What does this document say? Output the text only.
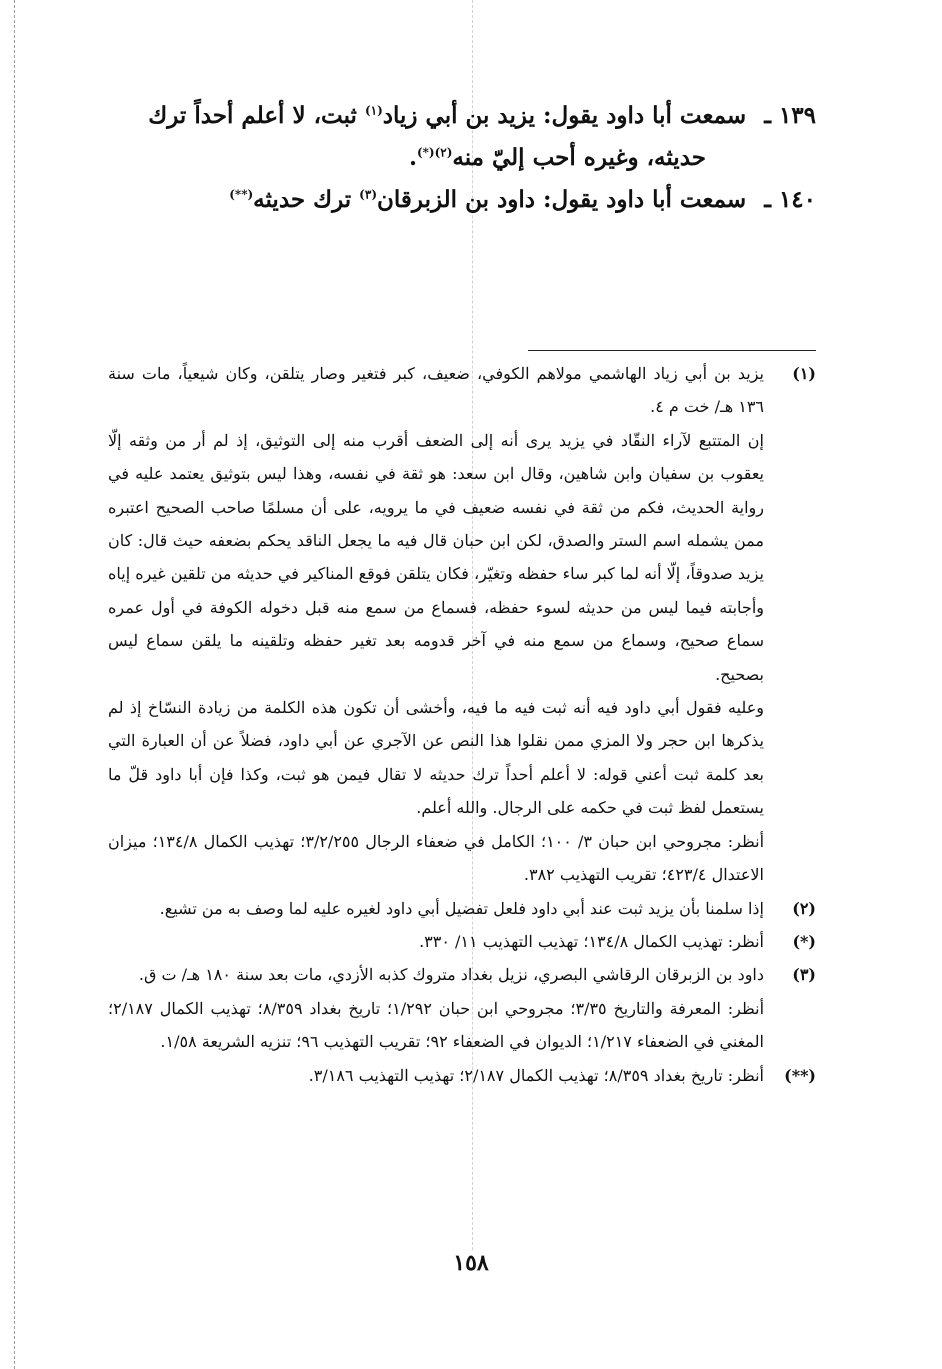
١٣٩ ـ سمعت أبا داود يقول: يزيد بن أبي زياد$^{(١)}$ ثبت، لا أعلم أحداً ترك
حديثه، وغيره أحب إليّ منه$^{(٢)(*)}$.
١٤٠ ـ سمعت أبا داود يقول: داود بن الزبرقان$^{(٣)}$ ترك حديثه(**)
(١)

يزيد بن أبي زياد الهاشمي مولاهم الكوفي، ضعيف، كبر فتغير وصار يتلقن، وكان شيعياً، مات سنة ١٣٦ هـ/ خت م ٤.

إن المتتبع لآراء النقّاد في يزيد يرى أنه إلى الضعف أقرب منه إلى التوثيق، إذ لم أر من وثقه إلّا يعقوب بن سفيان وابن شاهين، وقال ابن سعد: هو ثقة في نفسه، وهذا ليس بتوثيق يعتمد عليه في رواية الحديث، فكم من ثقة في نفسه ضعيف في ما يرويه، على أن مسلمًا صاحب الصحيح اعتبره ممن يشمله اسم الستر والصدق، لكن ابن حبان قال فيه ما يجعل الناقد يحكم بضعفه حيث قال: كان يزيد صدوقاً، إلّا أنه لما كبر ساء حفظه وتغيّر، فكان يتلقن فوقع المناكير في حديثه من تلقين غيره إياه وأجابته فيما ليس من حديثه لسوء حفظه، فسماع من سمع منه قبل دخوله الكوفة في أول عمره سماع صحيح، وسماع من سمع منه في آخر قدومه بعد تغير حفظه وتلقينه ما يلقن سماع ليس بصحيح.

وعليه فقول أبي داود فيه أنه ثبت فيه ما فيه، وأخشى أن تكون هذه الكلمة من زيادة النسّاخ إذ لم يذكرها ابن حجر ولا المزي ممن نقلوا هذا النص عن الآجري عن أبي داود، فضلاً عن أن العبارة التي بعد كلمة ثبت أعني قوله: لا أعلم أحداً ترك حديثه لا تقال فيمن هو ثبت، وكذا فإن أبا داود قلّ ما يستعمل لفظ ثبت في حكمه على الرجال. والله أعلم.

أنظر: مجروحي ابن حبان ٣/ ١٠٠؛ الكامل في ضعفاء الرجال ٣/٢/٢٥٥؛ تهذيب الكمال ١٣٤/٨؛ ميزان الاعتدال ٤٢٣/٤؛ تقريب التهذيب ٣٨٢.

(٢)

إذا سلمنا بأن يزيد ثبت عند أبي داود فلعل تفضيل أبي داود لغيره عليه لما وصف به من تشيع.

(*)

أنظر: تهذيب الكمال ١٣٤/٨؛ تهذيب التهذيب ١١/ ٣٣٠.

(٣)

داود بن الزبرقان الرقاشي البصري، نزيل بغداد متروك كذبه الأزدي، مات بعد سنة ١٨٠ هـ/ ت ق.

أنظر: المعرفة والتاريخ ٣/٣٥؛ مجروحي ابن حبان ١/٢٩٢؛ تاريخ بغداد ٨/٣٥٩؛ تهذيب الكمال ٢/١٨٧؛ المغني في الضعفاء ١/٢١٧؛ الديوان في الضعفاء ٩٢؛ تقريب التهذيب ٩٦؛ تنزيه الشريعة ١/٥٨.

(**)

أنظر: تاريخ بغداد ٨/٣٥٩؛ تهذيب الكمال ٢/١٨٧؛ تهذيب التهذيب ٣/١٨٦.

١٥٨
